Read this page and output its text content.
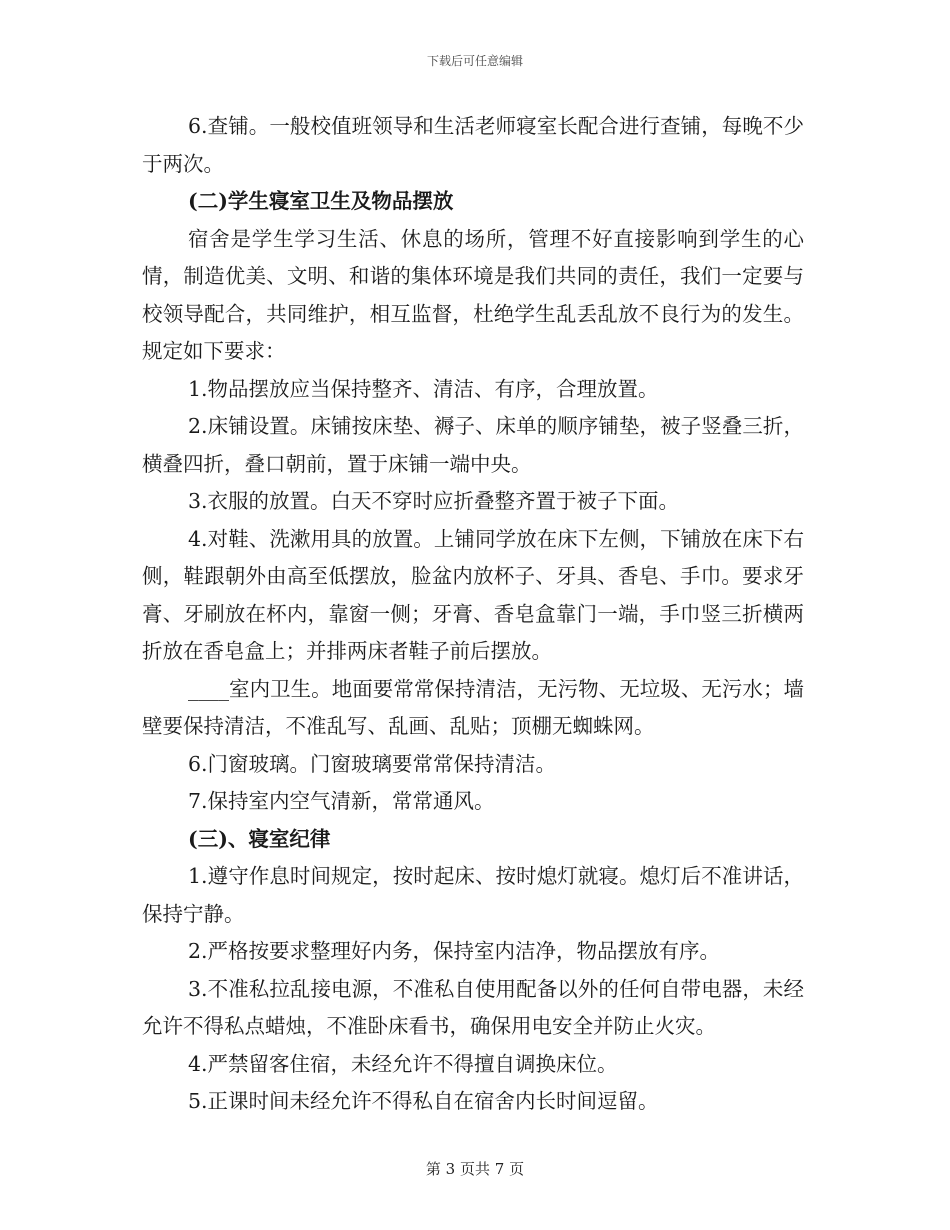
下载后可任意编辑

6.查铺。一般校值班领导和生活老师寝室长配合进行查铺，每晚不少于两次。

(二)学生寝室卫生及物品摆放

宿舍是学生学习生活、休息的场所，管理不好直接影响到学生的心情，制造优美、文明、和谐的集体环境是我们共同的责任，我们一定要与校领导配合，共同维护，相互监督，杜绝学生乱丢乱放不良行为的发生。规定如下要求：

1.物品摆放应当保持整齐、清洁、有序，合理放置。

2.床铺设置。床铺按床垫、褥子、床单的顺序铺垫，被子竖叠三折，横叠四折，叠口朝前，置于床铺一端中央。

3.衣服的放置。白天不穿时应折叠整齐置于被子下面。

4.对鞋、洗漱用具的放置。上铺同学放在床下左侧，下铺放在床下右侧，鞋跟朝外由高至低摆放，脸盆内放杯子、牙具、香皂、手巾。要求牙膏、牙刷放在杯内，靠窗一侧；牙膏、香皂盒靠门一端，手巾竖三折横两折放在香皂盒上；并排两床者鞋子前后摆放。

____室内卫生。地面要常常保持清洁，无污物、无垃圾、无污水；墙壁要保持清洁，不准乱写、乱画、乱贴；顶棚无蜘蛛网。

6.门窗玻璃。门窗玻璃要常常保持清洁。

7.保持室内空气清新，常常通风。

(三)、寝室纪律

1.遵守作息时间规定，按时起床、按时熄灯就寝。熄灯后不准讲话，保持宁静。

2.严格按要求整理好内务，保持室内洁净，物品摆放有序。

3.不准私拉乱接电源，不准私自使用配备以外的任何自带电器，未经允许不得私点蜡烛，不准卧床看书，确保用电安全并防止火灾。

4.严禁留客住宿，未经允许不得擅自调换床位。

5.正课时间未经允许不得私自在宿舍内长时间逗留。

第 3 页共 7 页
